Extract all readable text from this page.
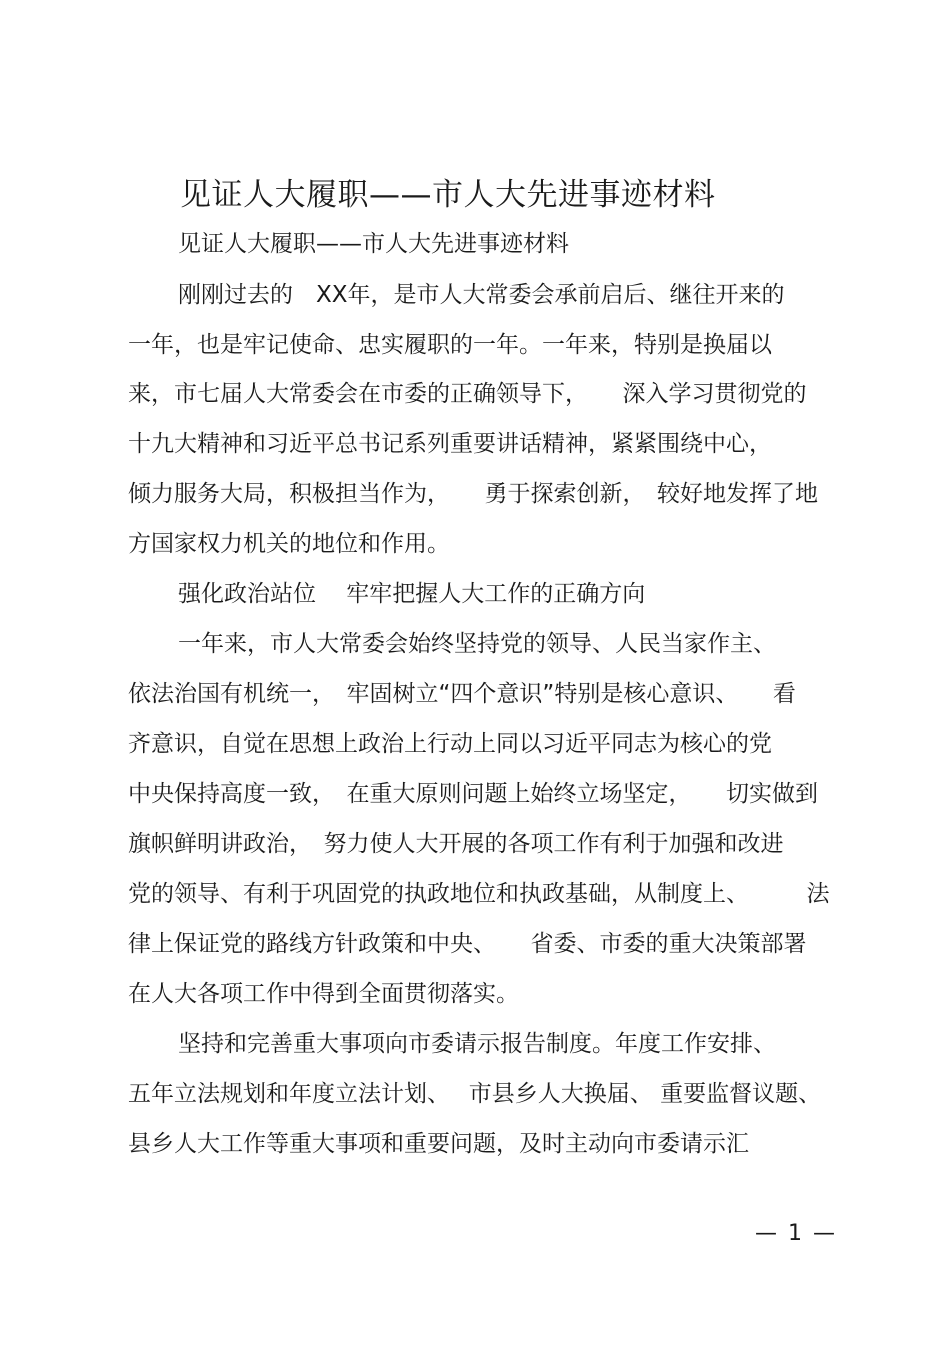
见证人大履职——市人大先进事迹材料
见证人大履职——市人大先进事迹材料
刚刚过去的　XX年，是市人大常委会承前启后、继往开来的
一年，也是牢记使命、忠实履职的一年。一年来，特别是换届以
来，市七届人大常委会在市委的正确领导下，　　深入学习贯彻党的
十九大精神和习近平总书记系列重要讲话精神，紧紧围绕中心，
倾力服务大局，积极担当作为，　　勇于探索创新，　较好地发挥了地
方国家权力机关的地位和作用。
强化政治站位　 牢牢把握人大工作的正确方向
一年来，市人大常委会始终坚持党的领导、人民当家作主、
依法治国有机统一，　牢固树立“四个意识”特别是核心意识、　　看
齐意识，自觉在思想上政治上行动上同以习近平同志为核心的党
中央保持高度一致，　在重大原则问题上始终立场坚定，　　切实做到
旗帜鲜明讲政治，　努力使人大开展的各项工作有利于加强和改进
党的领导、有利于巩固党的执政地位和执政基础，从制度上、　　　法
律上保证党的路线方针政策和中央、　　省委、市委的重大决策部署
在人大各项工作中得到全面贯彻落实。
坚持和完善重大事项向市委请示报告制度。年度工作安排、
五年立法规划和年度立法计划、　 市县乡人大换届、 重要监督议题、
县乡人大工作等重大事项和重要问题，及时主动向市委请示汇
— 1 —
